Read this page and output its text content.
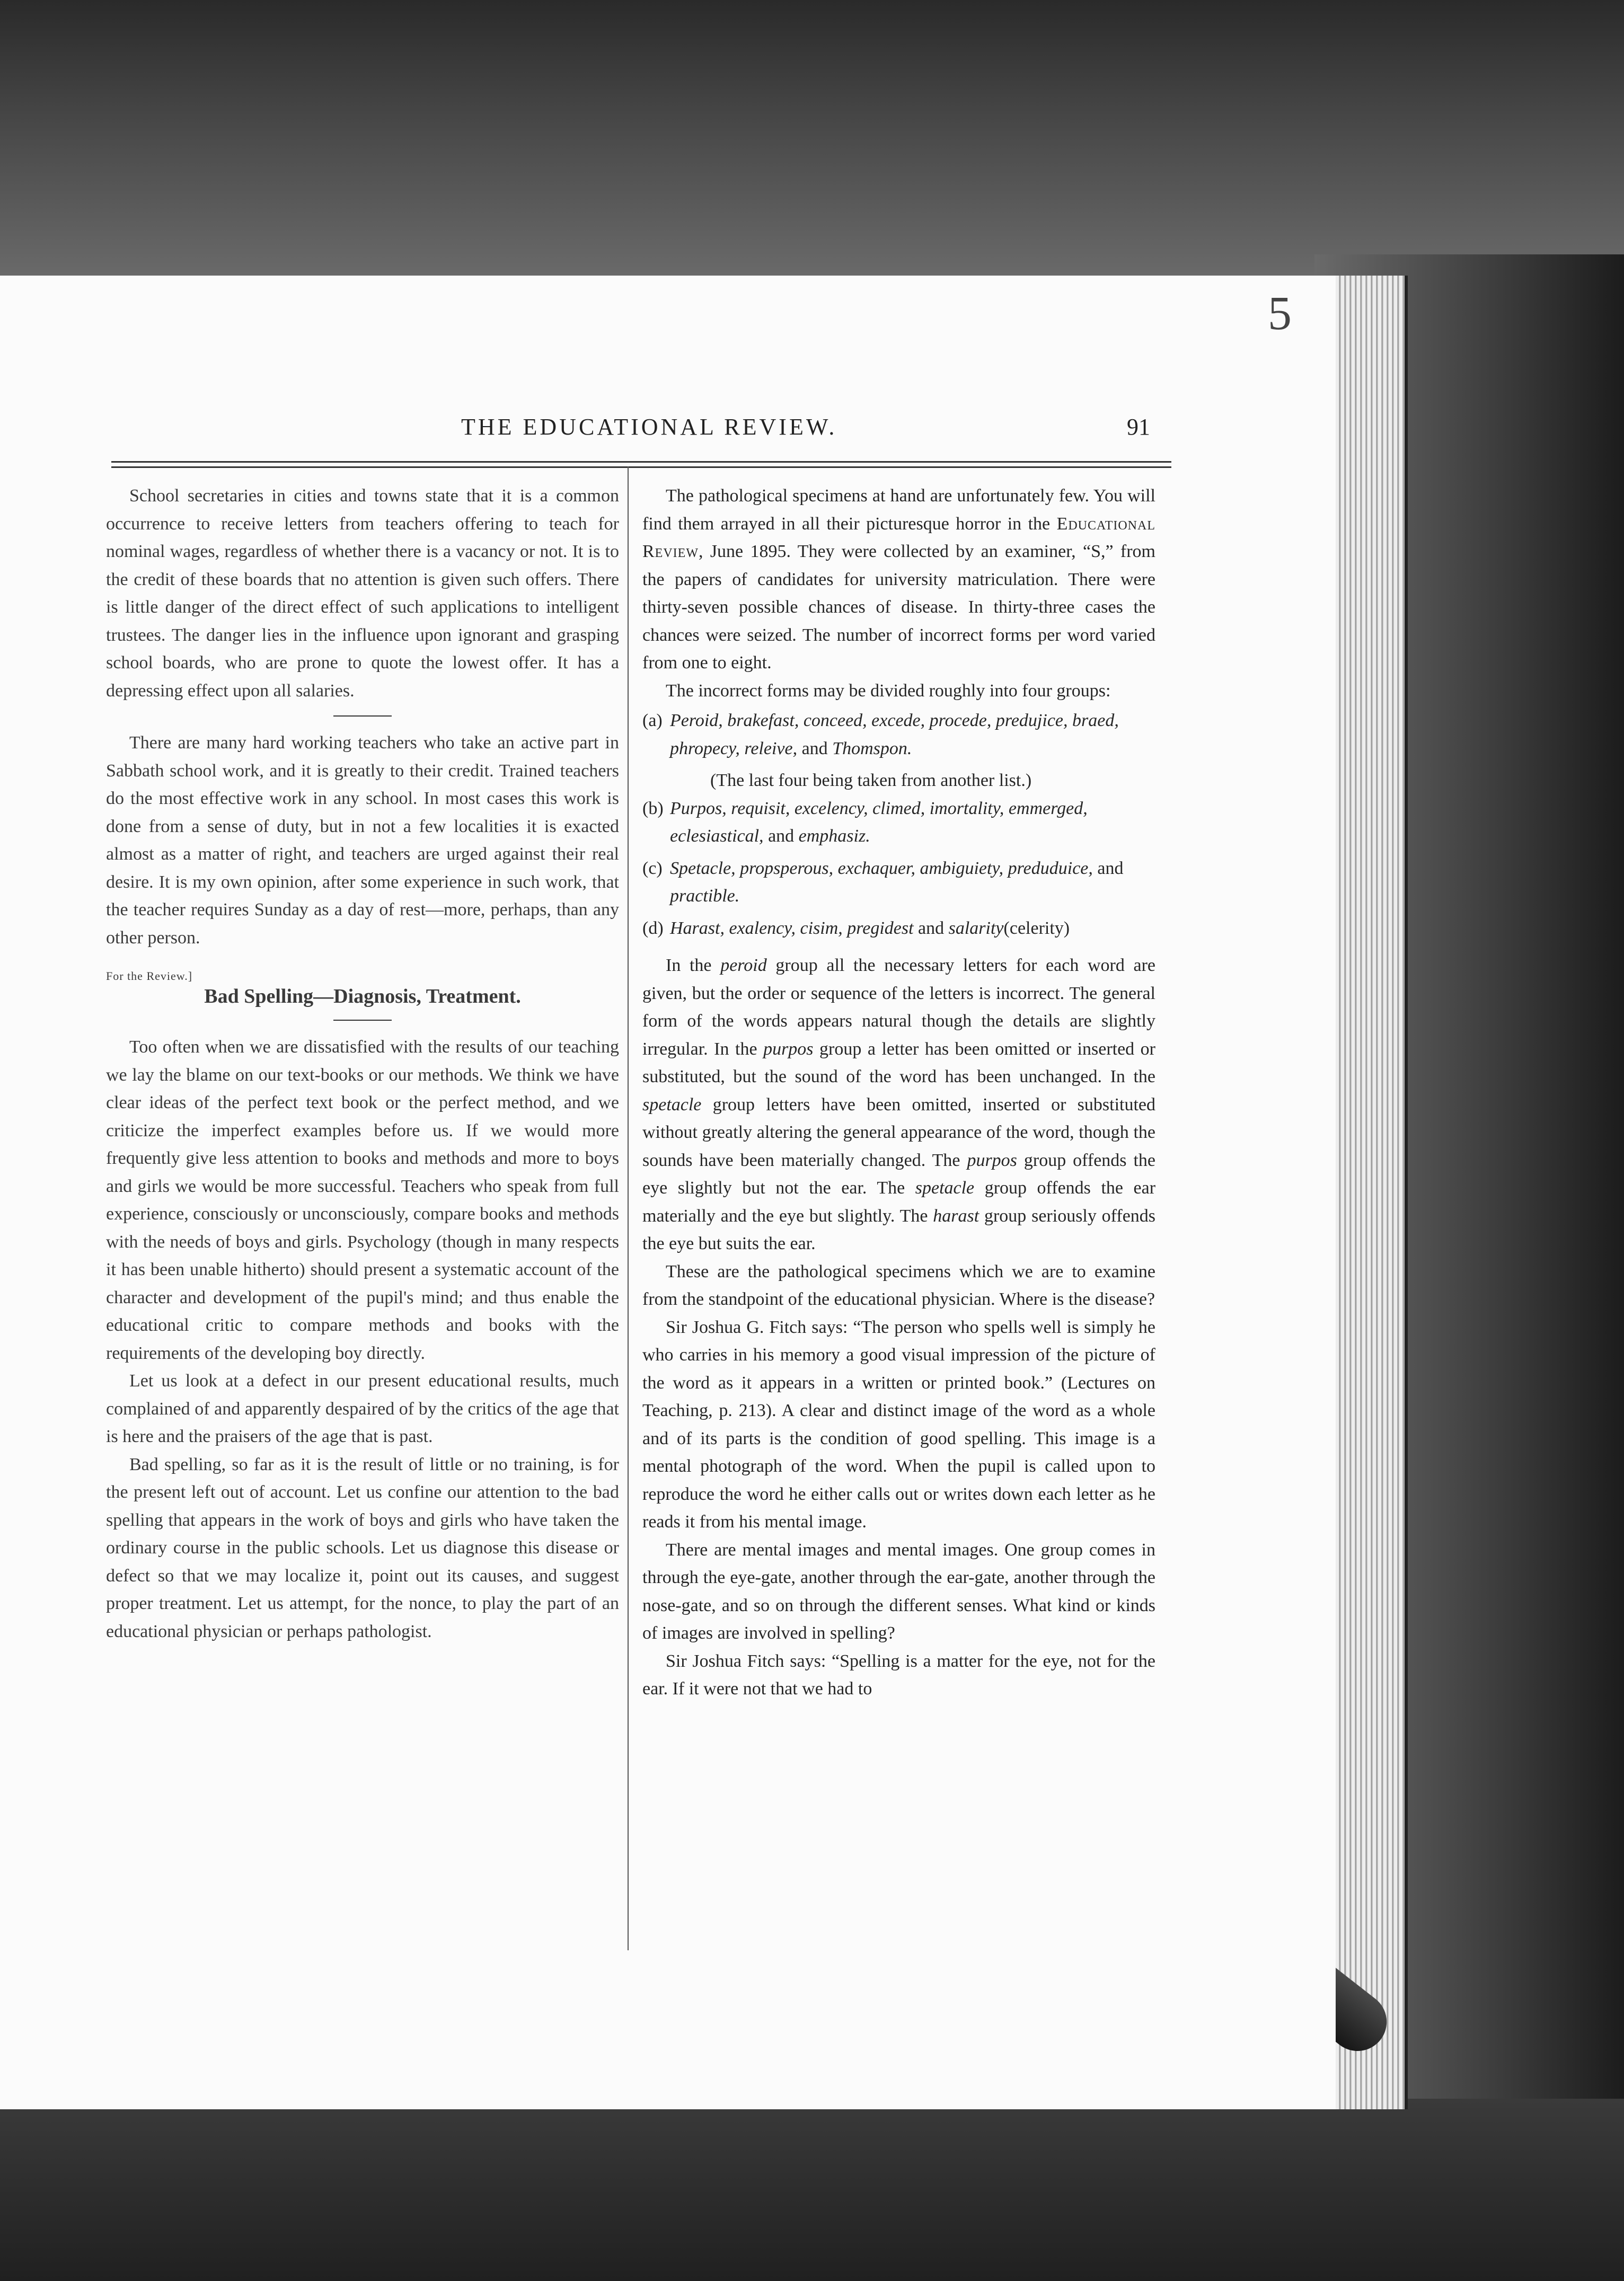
5
THE EDUCATIONAL REVIEW.	91

School secretaries in cities and towns state that it is a common occurrence to receive letters from teachers offering to teach for nominal wages, regardless of whether there is a vacancy or not. It is to the credit of these boards that no attention is given such offers. There is little danger of the direct effect of such applications to intelligent trustees. The danger lies in the influence upon ignorant and grasping school boards, who are prone to quote the lowest offer. It has a depressing effect upon all salaries.

There are many hard working teachers who take an active part in Sabbath school work, and it is greatly to their credit. Trained teachers do the most effective work in any school. In most cases this work is done from a sense of duty, but in not a few localities it is exacted almost as a matter of right, and teachers are urged against their real desire. It is my own opinion, after some experience in such work, that the teacher requires Sunday as a day of rest—more, perhaps, than any other person.

For the Review.]
Bad Spelling—Diagnosis, Treatment.

Too often when we are dissatisfied with the results of our teaching we lay the blame on our text-books or our methods. We think we have clear ideas of the perfect text book or the perfect method, and we criticize the imperfect examples before us. If we would more frequently give less attention to books and methods and more to boys and girls we would be more successful. Teachers who speak from full experience, consciously or unconsciously, compare books and methods with the needs of boys and girls. Psychology (though in many respects it has been unable hitherto) should present a systematic account of the character and development of the pupil's mind; and thus enable the educational critic to compare methods and books with the requirements of the developing boy directly.

Let us look at a defect in our present educational results, much complained of and apparently despaired of by the critics of the age that is here and the praisers of the age that is past.

Bad spelling, so far as it is the result of little or no training, is for the present left out of account. Let us confine our attention to the bad spelling that appears in the work of boys and girls who have taken the ordinary course in the public schools. Let us diagnose this disease or defect so that we may localize it, point out its causes, and suggest proper treatment. Let us attempt, for the nonce, to play the part of an educational physician or perhaps pathologist.

The pathological specimens at hand are unfortunately few. You will find them arrayed in all their picturesque horror in the Educational Review, June 1895. They were collected by an examiner, “S,” from the papers of candidates for university matriculation. There were thirty-seven possible chances of disease. In thirty-three cases the chances were seized. The number of incorrect forms per word varied from one to eight.

The incorrect forms may be divided roughly into four groups:

(a) Peroid, brakefast, conceed, excede, procede, predujice, braed, phropecy, releive, and Thomspon.
(The last four being taken from another list.)
(b) Purpos, requisit, excelency, climed, imortality, emmerged, eclesiastical, and emphasiz.
(c) Spetacle, propsperous, exchaquer, ambiguiety, preduduice, and practible.
(d) Harast, exalency, cisim, pregidest and salarity(celerity)

In the peroid group all the necessary letters for each word are given, but the order or sequence of the letters is incorrect. The general form of the words appears natural though the details are slightly irregular. In the purpos group a letter has been omitted or inserted or substituted, but the sound of the word has been unchanged. In the spetacle group letters have been omitted, inserted or substituted without greatly altering the general appearance of the word, though the sounds have been materially changed. The purpos group offends the eye slightly but not the ear. The spetacle group offends the ear materially and the eye but slightly. The harast group seriously offends the eye but suits the ear.

These are the pathological specimens which we are to examine from the standpoint of the educational physician. Where is the disease?

Sir Joshua G. Fitch says: “The person who spells well is simply he who carries in his memory a good visual impression of the picture of the word as it appears in a written or printed book.” (Lectures on Teaching, p. 213). A clear and distinct image of the word as a whole and of its parts is the condition of good spelling. This image is a mental photograph of the word. When the pupil is called upon to reproduce the word he either calls out or writes down each letter as he reads it from his mental image.

There are mental images and mental images. One group comes in through the eye-gate, another through the ear-gate, another through the nose-gate, and so on through the different senses. What kind or kinds of images are involved in spelling?

Sir Joshua Fitch says: “Spelling is a matter for the eye, not for the ear. If it were not that we had to
